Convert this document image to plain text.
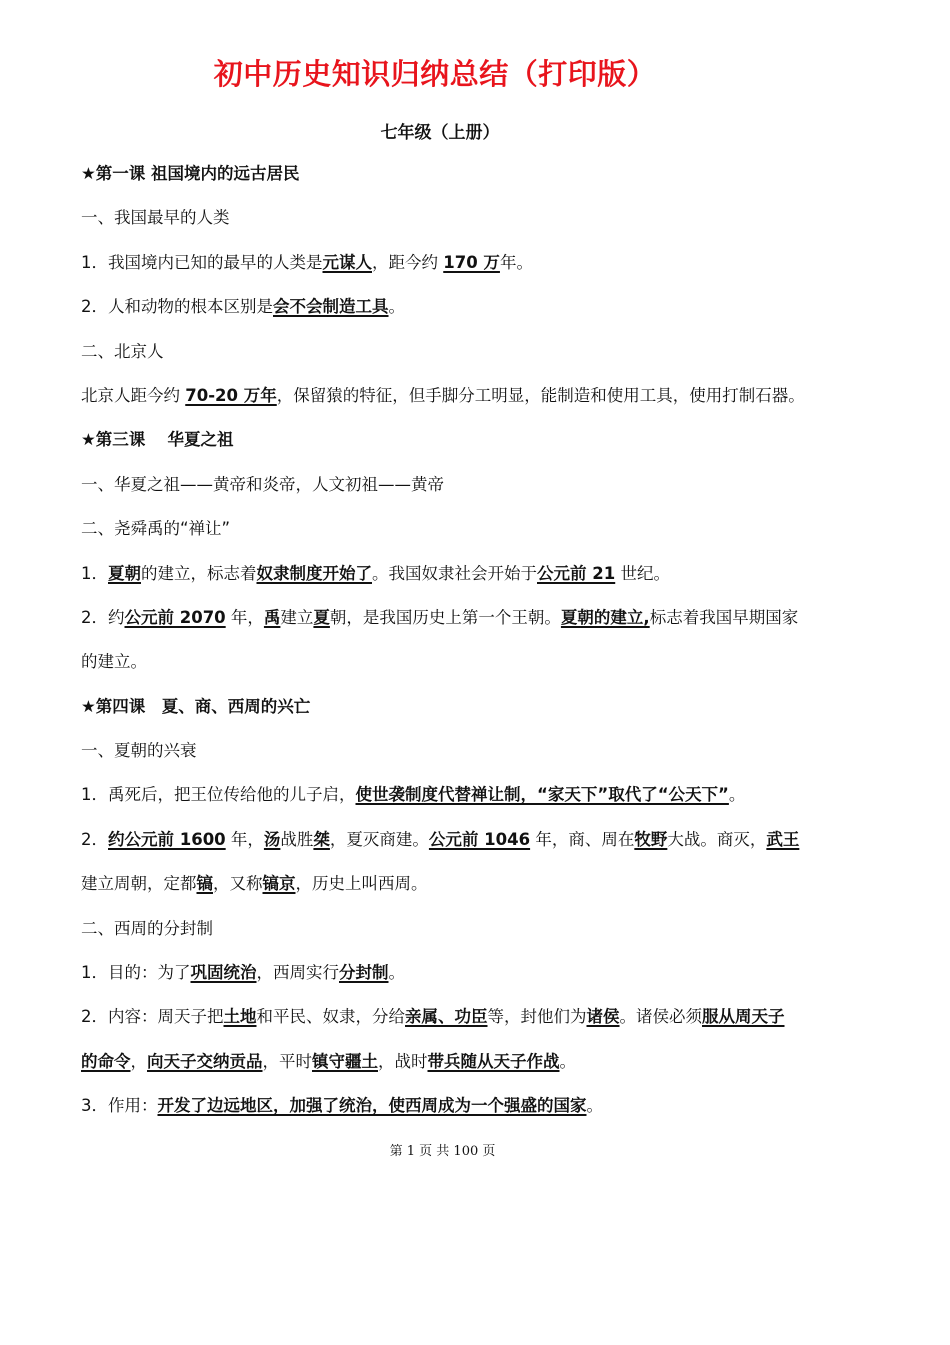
初中历史知识归纳总结（打印版）
七年级（上册）
★第一课 祖国境内的远古居民
一、我国最早的人类
1．我国境内已知的最早的人类是元谋人，距今约 170 万年。
2．人和动物的根本区别是会不会制造工具。
二、北京人
北京人距今约 70-20 万年，保留猿的特征，但手脚分工明显，能制造和使用工具，使用打制石器。
★第三课　 华夏之祖
一、华夏之祖——黄帝和炎帝，人文初祖——黄帝
二、尧舜禹的“禅让”
1．夏朝的建立，标志着奴隶制度开始了。我国奴隶社会开始于公元前 21 世纪。
2．约公元前 2070 年，禹建立夏朝，是我国历史上第一个王朝。夏朝的建立,标志着我国早期国家
的建立。
★第四课　夏、商、西周的兴亡
一、夏朝的兴衰
1．禹死后，把王位传给他的儿子启，使世袭制度代替禅让制，“家天下”取代了“公天下”。
2．约公元前 1600 年，汤战胜桀，夏灭商建。公元前 1046 年，商、周在牧野大战。商灭，武王
建立周朝，定都镐，又称镐京，历史上叫西周。
二、西周的分封制
1．目的：为了巩固统治，西周实行分封制。
2．内容：周天子把土地和平民、奴隶，分给亲属、功臣等，封他们为诸侯。诸侯必须服从周天子
的命令，向天子交纳贡品，平时镇守疆土，战时带兵随从天子作战。
3．作用：开发了边远地区，加强了统治，使西周成为一个强盛的国家。
第 1 页 共 100 页
